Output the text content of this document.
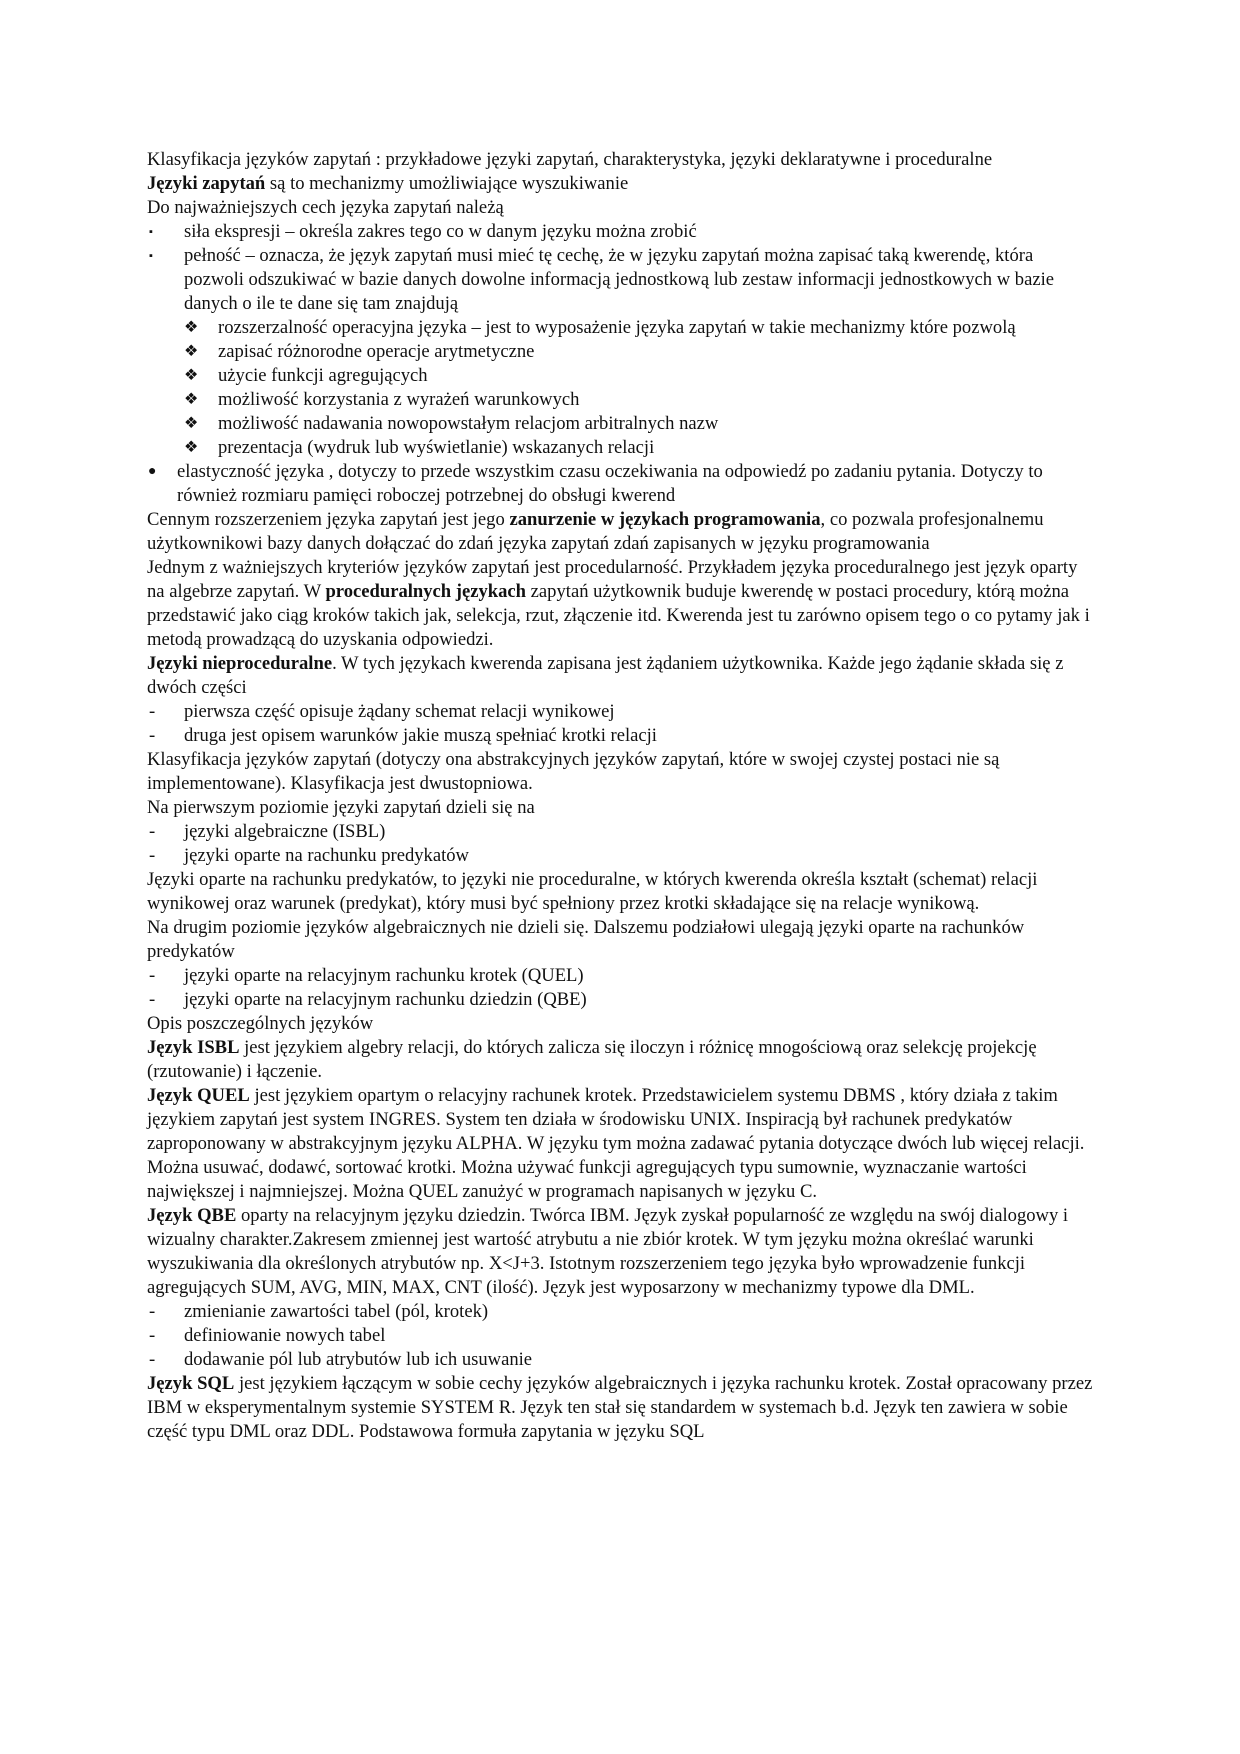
Klasyfikacja języków zapytań : przykładowe języki zapytań, charakterystyka, języki deklaratywne i proceduralne

Języki zapytań są to mechanizmy umożliwiające wyszukiwanie

Do najważniejszych cech języka zapytań należą

▪ siła ekspresji – określa zakres tego co w danym języku można zrobić

▪ pełność – oznacza, że język zapytań musi mieć tę cechę, że w języku zapytań można zapisać taką kwerendę, która pozwoli odszukiwać w bazie danych dowolne informacją jednostkową lub zestaw informacji jednostkowych w bazie danych o ile te dane się tam znajdują

❖ rozszerzalność operacyjna języka – jest to wyposażenie języka zapytań w takie mechanizmy które pozwolą

❖ zapisać różnorodne operacje arytmetyczne

❖ użycie funkcji agregujących

❖ możliwość korzystania z wyrażeń warunkowych

❖ możliwość nadawania nowopowstałym relacjom arbitralnych nazw

❖ prezentacja (wydruk lub wyświetlanie) wskazanych relacji

● elastyczność języka , dotyczy to przede wszystkim czasu oczekiwania na odpowiedź po zadaniu pytania. Dotyczy to również rozmiaru pamięci roboczej potrzebnej do obsługi kwerend

Cennym rozszerzeniem języka zapytań jest jego zanurzenie w językach programowania, co pozwala profesjonalnemu użytkownikowi bazy danych dołączać do zdań języka zapytań zdań zapisanych w języku programowania

Jednym z ważniejszych kryteriów języków zapytań jest procedularność. Przykładem języka proceduralnego jest język oparty na algebrze zapytań. W proceduralnych językach zapytań użytkownik buduje kwerendę w postaci procedury, którą można przedstawić jako ciąg kroków takich jak, selekcja, rzut, złączenie itd. Kwerenda jest tu zarówno opisem tego o co pytamy jak i metodą prowadzącą do uzyskania odpowiedzi.

Języki nieproceduralne. W tych językach kwerenda zapisana jest żądaniem użytkownika. Każde jego żądanie składa się z dwóch części

- pierwsza część opisuje żądany schemat relacji wynikowej

- druga jest opisem warunków jakie muszą spełniać krotki relacji

Klasyfikacja języków zapytań (dotyczy ona abstrakcyjnych języków zapytań, które w swojej czystej postaci nie są implementowane). Klasyfikacja jest dwustopniowa.

Na pierwszym poziomie języki zapytań dzieli się na

- języki algebraiczne (ISBL)

- języki oparte na rachunku predykatów

Języki oparte na rachunku predykatów, to języki nie proceduralne, w których kwerenda określa kształt (schemat) relacji wynikowej oraz warunek (predykat), który musi być spełniony przez krotki składające się na relacje wynikową.

Na drugim poziomie języków algebraicznych nie dzieli się. Dalszemu podziałowi ulegają języki oparte na rachunków predykatów

- języki oparte na relacyjnym rachunku krotek (QUEL)

- języki oparte na relacyjnym rachunku dziedzin (QBE)

Opis poszczególnych języków

Język ISBL jest językiem algebry relacji, do których zalicza się iloczyn i różnicę mnogościową oraz selekcję projekcję (rzutowanie) i łączenie.

Język QUEL jest językiem opartym o relacyjny rachunek krotek. Przedstawicielem systemu DBMS , który działa z takim językiem zapytań jest system INGRES. System ten działa w środowisku UNIX. Inspiracją był rachunek predykatów zaproponowany w abstrakcyjnym języku ALPHA. W języku tym można zadawać pytania dotyczące dwóch lub więcej relacji. Można usuwać, dodawć, sortować krotki. Można używać funkcji agregujących typu sumownie, wyznaczanie wartości największej i najmniejszej. Można QUEL zanużyć w programach napisanych w języku C.

Język QBE oparty na relacyjnym języku dziedzin. Twórca IBM. Język zyskał popularność ze względu na swój dialogowy i wizualny charakter.Zakresem zmiennej jest wartość atrybutu a nie zbiór krotek. W tym języku można określać warunki wyszukiwania dla określonych atrybutów np. X<J+3. Istotnym rozszerzeniem tego języka było wprowadzenie funkcji agregujących SUM, AVG, MIN, MAX, CNT (ilość). Język jest wyposarzony w mechanizmy typowe dla DML.

- zmienianie zawartości tabel (pól, krotek)

- definiowanie nowych tabel

- dodawanie pól lub atrybutów lub ich usuwanie

Język SQL jest językiem łączącym w sobie cechy języków algebraicznych i języka rachunku krotek. Został opracowany przez IBM w eksperymentalnym systemie SYSTEM R. Język ten stał się standardem w systemach b.d. Język ten zawiera w sobie część typu DML oraz DDL. Podstawowa formuła zapytania w języku SQL
